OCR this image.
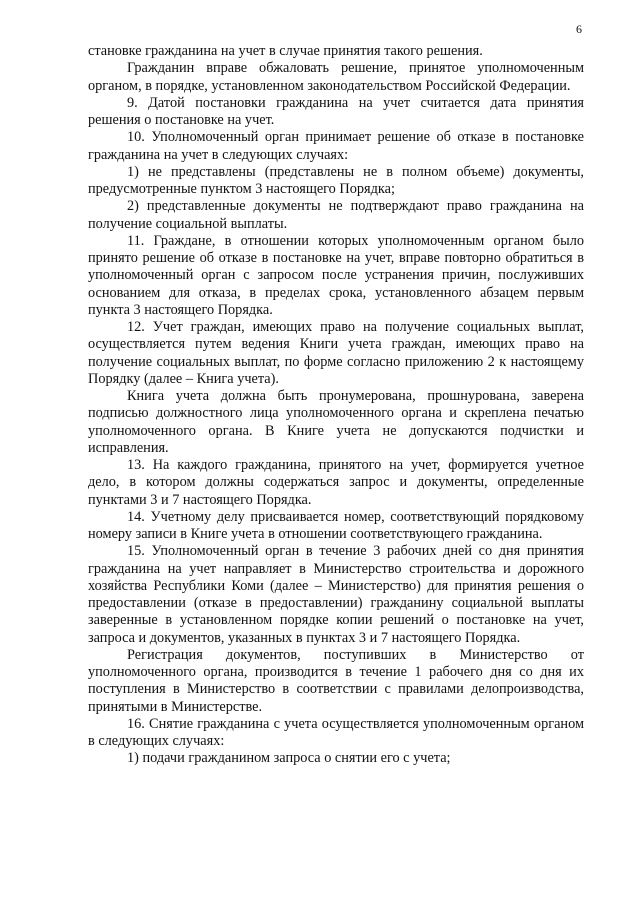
6

становке гражданина на учет в случае принятия такого решения.

Гражданин вправе обжаловать решение, принятое уполномоченным органом, в порядке, установленном законодательством Российской Федерации.

9. Датой постановки гражданина на учет считается дата принятия решения о постановке на учет.

10. Уполномоченный орган принимает решение об отказе в постановке гражданина на учет в следующих случаях:

1) не представлены (представлены не в полном объеме) документы, предусмотренные пунктом 3 настоящего Порядка;

2) представленные документы не подтверждают право гражданина на получение социальной выплаты.

11. Граждане, в отношении которых уполномоченным органом было принято решение об отказе в постановке на учет, вправе повторно обратиться в уполномоченный орган с запросом после устранения причин, послуживших основанием для отказа, в пределах срока, установленного абзацем первым пункта 3 настоящего Порядка.

12. Учет граждан, имеющих право на получение социальных выплат, осуществляется путем ведения Книги учета граждан, имеющих право на получение социальных выплат, по форме согласно приложению 2 к настоящему Порядку (далее – Книга учета).

Книга учета должна быть пронумерована, прошнурована, заверена подписью должностного лица уполномоченного органа и скреплена печатью уполномоченного органа. В Книге учета не допускаются подчистки и исправления.

13. На каждого гражданина, принятого на учет, формируется учетное дело, в котором должны содержаться запрос и документы, определенные пунктами 3 и 7 настоящего Порядка.

14. Учетному делу присваивается номер, соответствующий порядковому номеру записи в Книге учета в отношении соответствующего гражданина.

15. Уполномоченный орган в течение 3 рабочих дней со дня принятия гражданина на учет направляет в Министерство строительства и дорожного хозяйства Республики Коми (далее – Министерство) для принятия решения о предоставлении (отказе в предоставлении) гражданину социальной выплаты заверенные в установленном порядке копии решений о постановке на учет, запроса и документов, указанных в пунктах 3 и 7 настоящего Порядка.

Регистрация документов, поступивших в Министерство от уполномоченного органа, производится в течение 1 рабочего дня со дня их поступления в Министерство в соответствии с правилами делопроизводства, принятыми в Министерстве.

16. Снятие гражданина с учета осуществляется уполномоченным органом в следующих случаях:

1) подачи гражданином запроса о снятии его с учета;
